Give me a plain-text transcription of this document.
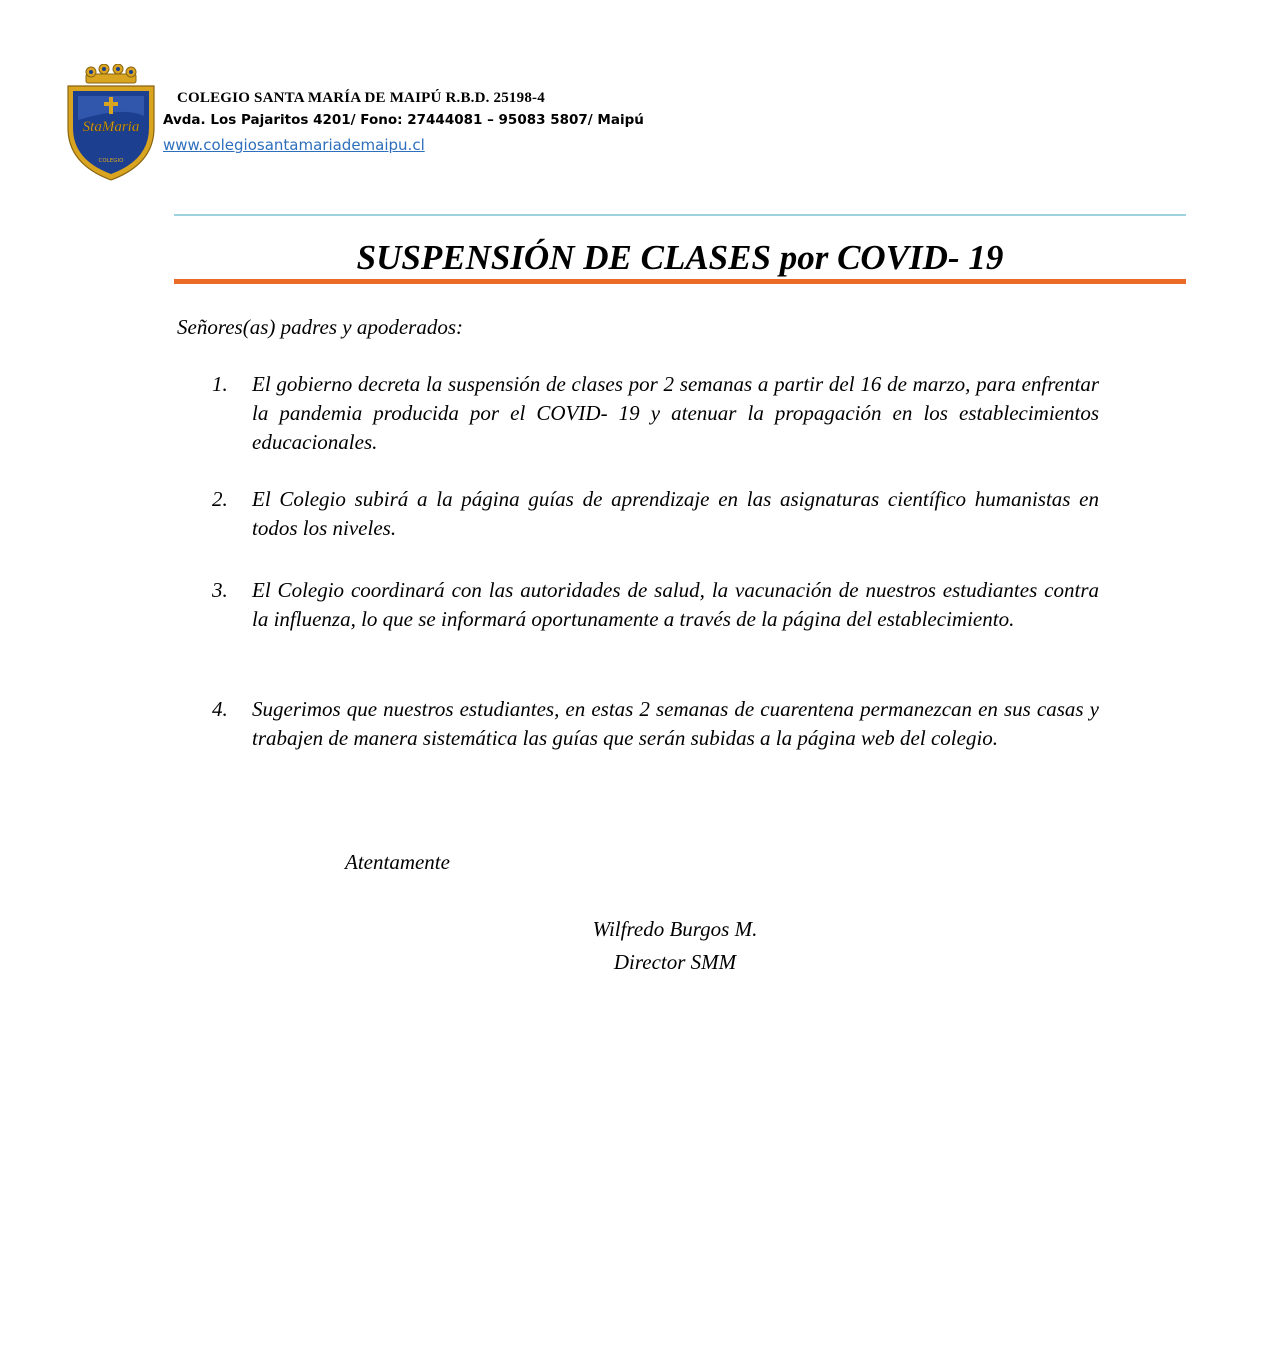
StaMaria
COLEGIO
COLEGIO SANTA MARÍA DE MAIPÚ R.B.D. 25198-4
Avda. Los Pajaritos 4201/ Fono: 27444081 – 95083 5807/ Maipú
www.colegiosantamariademaipu.cl
SUSPENSIÓN DE CLASES por COVID- 19
Señores(as) padres y apoderados:
1.	El gobierno decreta la suspensión de clases por 2 semanas a partir del 16 de marzo, para enfrentar la pandemia producida por el COVID- 19 y atenuar la propagación en los establecimientos educacionales.
2.	El Colegio subirá a la página guías de aprendizaje en las asignaturas científico humanistas en todos los niveles.
3.	El Colegio coordinará con las autoridades de salud, la vacunación de nuestros estudiantes contra la influenza, lo que se informará oportunamente a través de la página del establecimiento.
4.	Sugerimos que nuestros estudiantes, en estas 2 semanas de cuarentena permanezcan en sus casas y trabajen de manera sistemática las guías que serán subidas a la página web del colegio.
Atentamente
Wilfredo Burgos M.
Director SMM
